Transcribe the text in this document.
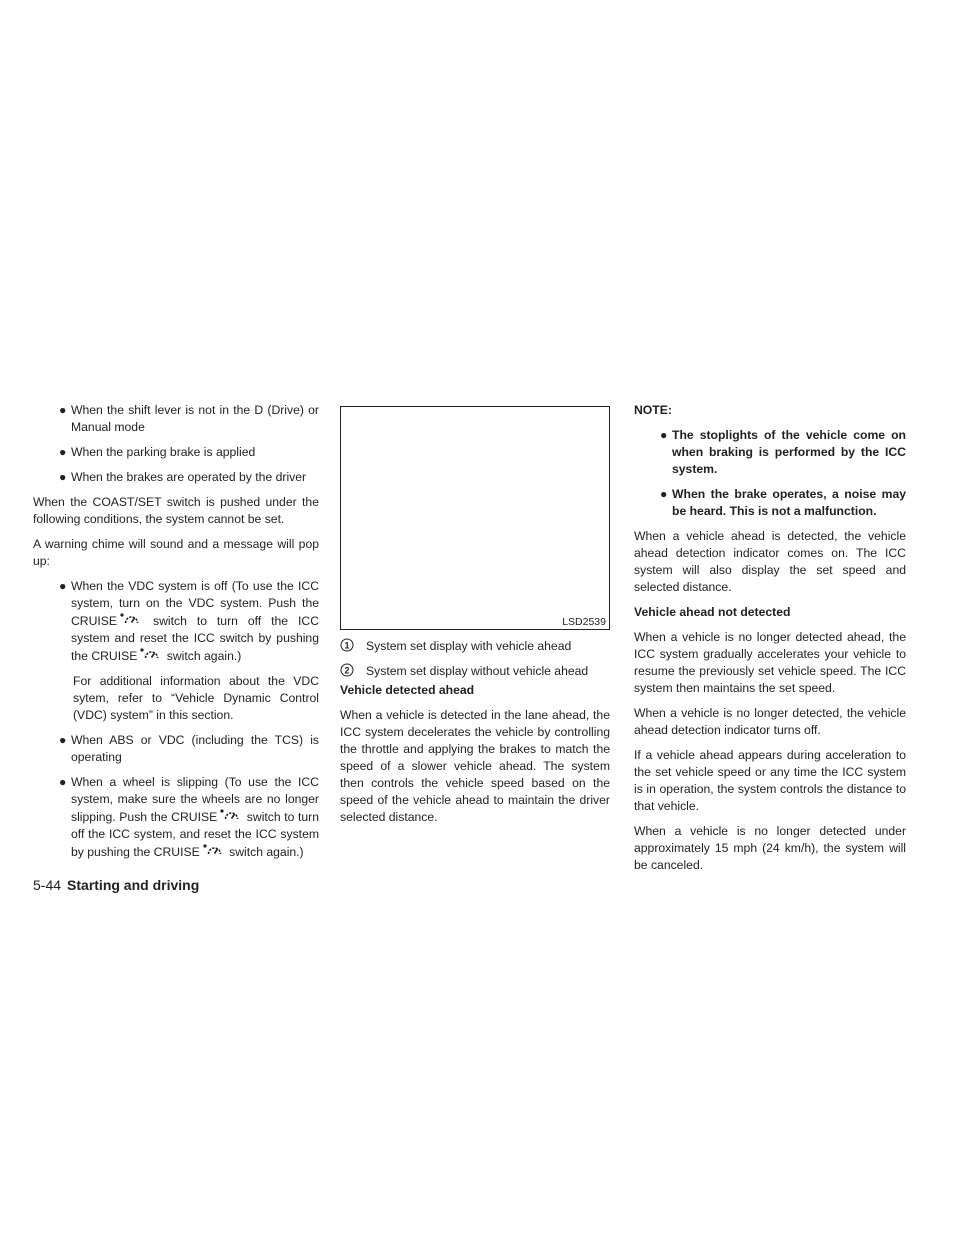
● When the shift lever is not in the D (Drive) or Manual mode
● When the parking brake is applied
● When the brakes are operated by the driver

When the COAST/SET switch is pushed under the following conditions, the system cannot be set.

A warning chime will sound and a message will pop up:

● When the VDC system is off (To use the ICC system, turn on the VDC system. Push the CRUISE	switch to turn off the ICC system and reset the ICC switch by pushing the CRUISE switch again.)

For additional information about the VDC sytem, refer to “Vehicle Dynamic Control (VDC) system” in this section.

● When ABS or VDC (including the TCS) is operating
● When a wheel is slipping (To use the ICC system, make sure the wheels are no longer slipping. Push the CRUISE switch to turn off the ICC system, and reset the ICC system by pushing the CRUISE switch again.)
LSD2539
1 System set display with vehicle ahead
2 System set display without vehicle ahead
Vehicle detected ahead

When a vehicle is detected in the lane ahead, the ICC system decelerates the vehicle by controlling the throttle and applying the brakes to match the speed of a slower vehicle ahead. The system then controls the vehicle speed based on the speed of the vehicle ahead to maintain the driver selected distance.

NOTE:
● The stoplights of the vehicle come on when braking is performed by the ICC system.
● When the brake operates, a noise may be heard. This is not a malfunction.

When a vehicle ahead is detected, the vehicle ahead detection indicator comes on. The ICC system will also display the set speed and selected distance.

Vehicle ahead not detected

When a vehicle is no longer detected ahead, the ICC system gradually accelerates your vehicle to resume the previously set vehicle speed. The ICC system then maintains the set speed.

When a vehicle is no longer detected, the vehicle ahead detection indicator turns off.

If a vehicle ahead appears during acceleration to the set vehicle speed or any time the ICC system is in operation, the system controls the distance to that vehicle.

When a vehicle is no longer detected under approximately 15 mph (24 km/h), the system will be canceled.

5-44 Starting and driving
